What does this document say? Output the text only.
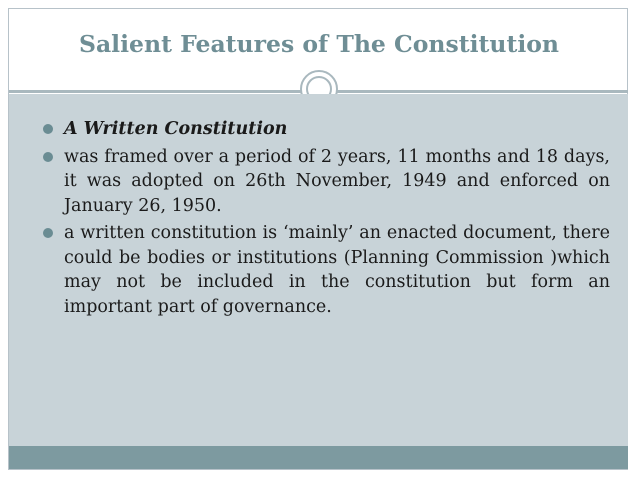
Salient Features of The Constitution
A Written Constitution
was framed over a period of 2 years, 11 months and 18 days, it was adopted on 26th November, 1949 and enforced on January 26, 1950.
a written constitution is ‘mainly’ an enacted document, there could be bodies or institutions (Planning Commission )which may not be included in the constitution but form an important part of governance.
